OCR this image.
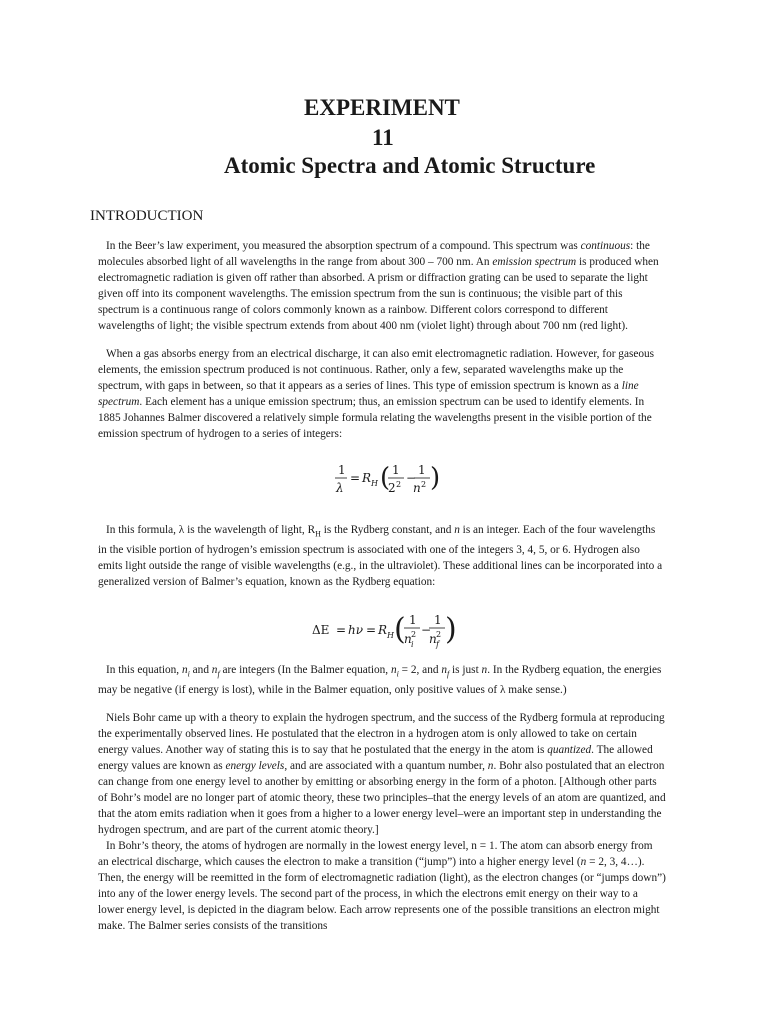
EXPERIMENT
11
Atomic Spectra and Atomic Structure
INTRODUCTION

In the Beer’s law experiment, you measured the absorption spectrum of a compound. This spectrum was continuous: the molecules absorbed light of all wavelengths in the range from about 300 – 700 nm. An emission spectrum is produced when electromagnetic radiation is given off rather than absorbed. A prism or diffraction grating can be used to separate the light given off into its component wavelengths. The emission spectrum from the sun is continuous; the visible part of this spectrum is a continuous range of colors commonly known as a rainbow. Different colors correspond to different wavelengths of light; the visible spectrum extends from about 400 nm (violet light) through about 700 nm (red light).

When a gas absorbs energy from an electrical discharge, it can also emit electromagnetic radiation. However, for gaseous elements, the emission spectrum produced is not continuous. Rather, only a few, separated wavelengths make up the spectrum, with gaps in between, so that it appears as a series of lines. This type of emission spectrum is known as a line spectrum. Each element has a unique emission spectrum; thus, an emission spectrum can be used to identify elements. In 1885 Johannes Balmer discovered a relatively simple formula relating the wavelengths present in the visible portion of the emission spectrum of hydrogen to a series of integers:

1
λ
= R H ( 1
2 2 −
1
n 2 )

In this formula, λ is the wavelength of light, $R_H$ is the Rydberg constant, and n is an integer. Each of the four wavelengths in the visible portion of hydrogen’s emission spectrum is associated with one of the integers 3, 4, 5, or 6. Hydrogen also emits light outside the range of visible wavelengths (e.g., in the ultraviolet). These additional lines can be incorporated into a generalized version of Balmer’s equation, known as the Rydberg equation:

ΔE = hν = R H ( 1
n 2
i
−
1
n 2
f )

In this equation, $n_i$ and $n_f$ are integers (In the Balmer equation, $n_i = 2$, and $n_f$ is just n. In the Rydberg equation, the energies may be negative (if energy is lost), while in the Balmer equation, only positive values of λ make sense.)

Niels Bohr came up with a theory to explain the hydrogen spectrum, and the success of the Rydberg formula at reproducing the experimentally observed lines. He postulated that the electron in a hydrogen atom is only allowed to take on certain energy values. Another way of stating this is to say that he postulated that the energy in the atom is quantized. The allowed energy values are known as energy levels, and are associated with a quantum number, n. Bohr also postulated that an electron can change from one energy level to another by emitting or absorbing energy in the form of a photon. [Although other parts of Bohr’s model are no longer part of atomic theory, these two principles–that the energy levels of an atom are quantized, and that the atom emits radiation when it goes from a higher to a lower energy level–were an important step in understanding the hydrogen spectrum, and are part of the current atomic theory.]

In Bohr’s theory, the atoms of hydrogen are normally in the lowest energy level, n = 1. The atom can absorb energy from an electrical discharge, which causes the electron to make a transition (“jump”) into a higher energy level (n = 2, 3, 4…). Then, the energy will be reemitted in the form of electromagnetic radiation (light), as the electron changes (or “jumps down”) into any of the lower energy levels. The second part of the process, in which the electrons emit energy on their way to a lower energy level, is depicted in the diagram below. Each arrow represents one of the possible transitions an electron might make. The Balmer series consists of the transitions
